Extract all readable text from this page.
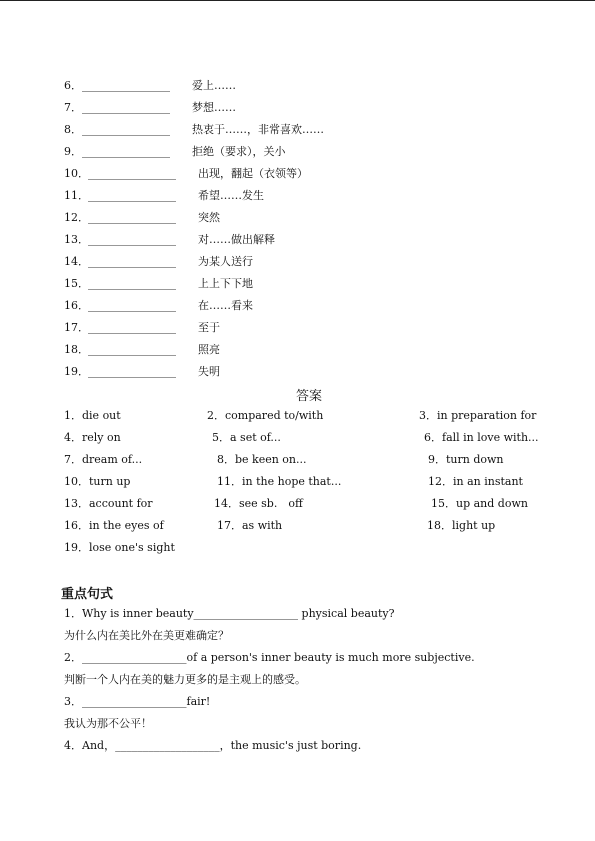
6．________________ 爱上……
7．________________ 梦想……
8．________________ 热衷于……，非常喜欢……
9．________________ 拒绝（要求），关小
10．________________ 出现，翻起（衣领等）
11．________________ 希望……发生
12．________________ 突然
13．________________ 对……做出解释
14．________________ 为某人送行
15．________________ 上上下下地
16．________________ 在……看来
17．________________ 至于
18．________________ 照亮
19．________________ 失明
答案
1．die out	2．compared to/with	3．in preparation for
4．rely on	5．a set of...	6．fall in love with...
7．dream of...	8．be keen on...	9．turn down
10．turn up	11．in the hope that...	12．in an instant
13．account for	14．see sb.　off	15．up and down
16．in the eyes of	17．as with	18．light up
19．lose one's sight
重点句式
1．Why is inner beauty___________________ physical beauty?
为什么内在美比外在美更难确定？
2．___________________of a person's inner beauty is much more subjective.
判断一个人内在美的魅力更多的是主观上的感受。
3．___________________fair!
我认为那不公平！
4．And，___________________，the music's just boring.
